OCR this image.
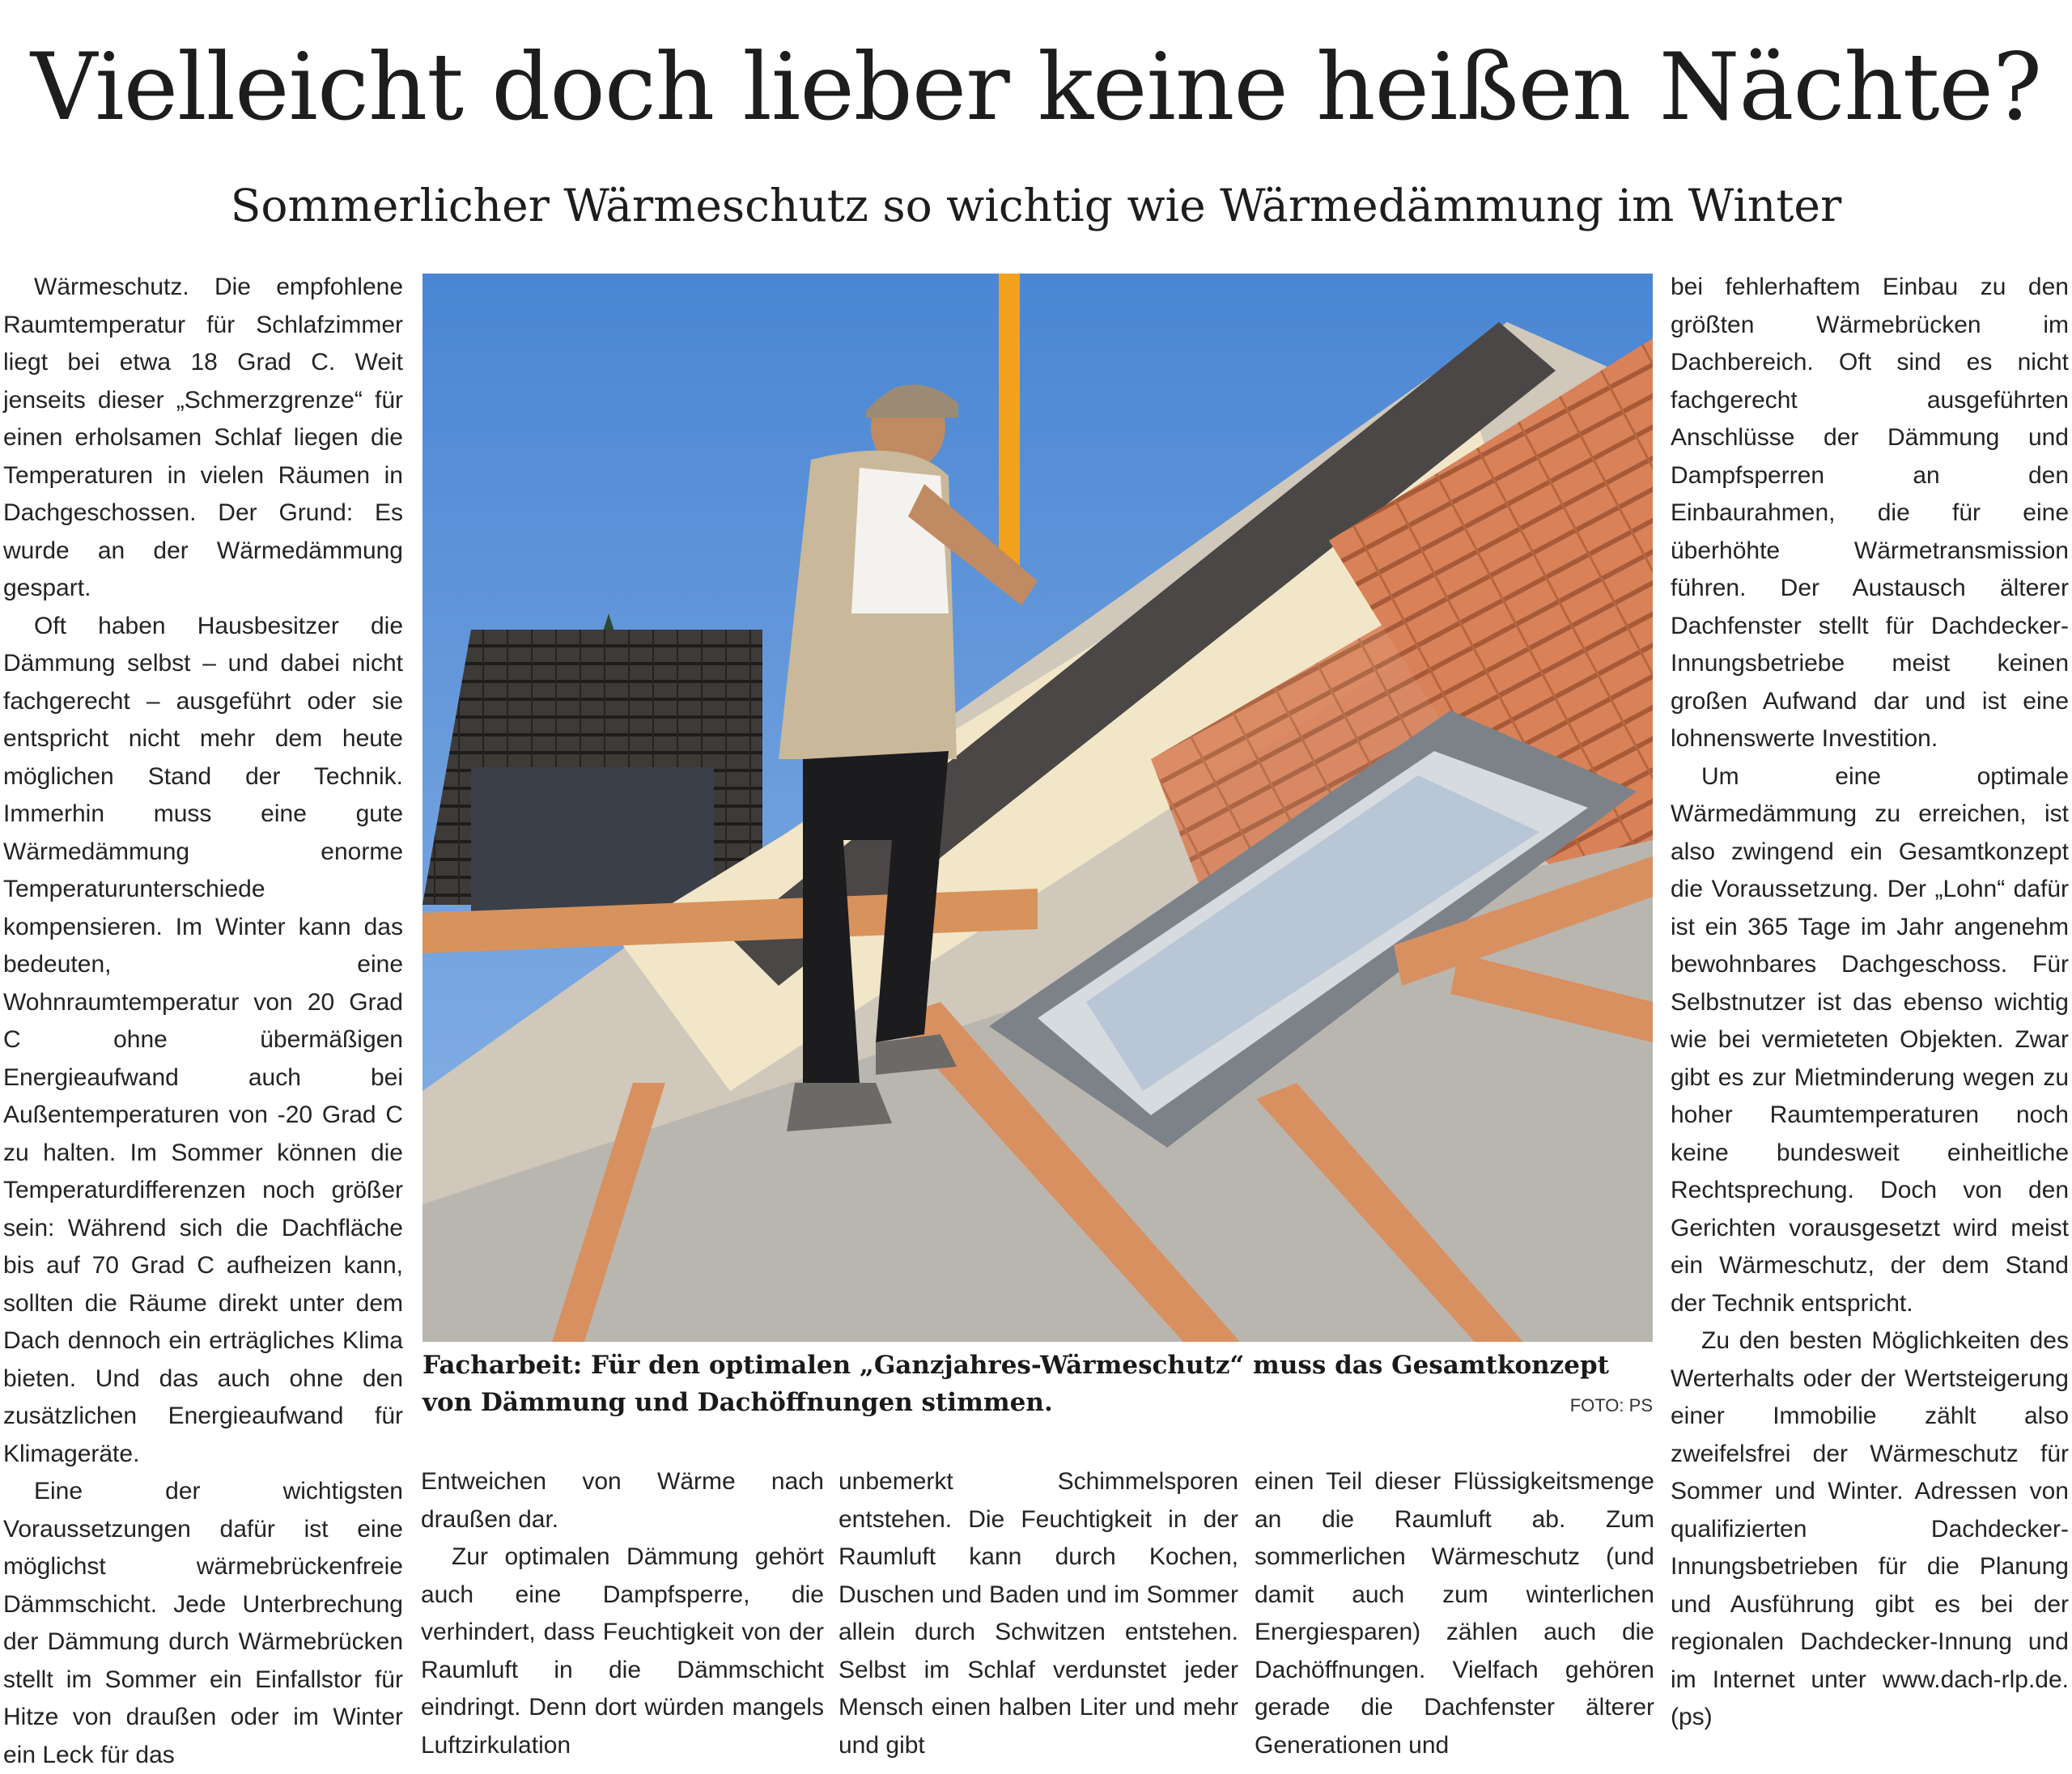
Vielleicht doch lieber keine heißen Nächte?
Sommerlicher Wärmeschutz so wichtig wie Wärmedämmung im Winter

Wärmeschutz. Die empfohlene Raumtemperatur für Schlafzimmer liegt bei etwa 18 Grad C. Weit jenseits dieser „Schmerzgrenze“ für einen erholsamen Schlaf liegen die Temperaturen in vielen Räumen in Dachgeschossen. Der Grund: Es wurde an der Wärmedämmung gespart.

Oft haben Hausbesitzer die Dämmung selbst – und dabei nicht fachgerecht – ausgeführt oder sie entspricht nicht mehr dem heute möglichen Stand der Technik. Immerhin muss eine gute Wärmedämmung enorme Temperaturunterschiede kompensieren. Im Winter kann das bedeuten, eine Wohnraumtemperatur von 20 Grad C ohne übermäßigen Energieaufwand auch bei Außentemperaturen von -20 Grad C zu halten. Im Sommer können die Temperaturdifferenzen noch größer sein: Während sich die Dachfläche bis auf 70 Grad C aufheizen kann, sollten die Räume direkt unter dem Dach dennoch ein erträgliches Klima bieten. Und das auch ohne den zusätzlichen Energieaufwand für Klimageräte.

Eine der wichtigsten Voraussetzungen dafür ist eine möglichst wärmebrückenfreie Dämmschicht. Jede Unterbrechung der Dämmung durch Wärmebrücken stellt im Sommer ein Einfallstor für Hitze von draußen oder im Winter ein Leck für das

Facharbeit: Für den optimalen „Ganzjahres-Wärmeschutz“ muss das Gesamtkonzept von Dämmung und Dachöffnungen stimmen.	FOTO: PS

Entweichen von Wärme nach draußen dar.

Zur optimalen Dämmung gehört auch eine Dampfsperre, die verhindert, dass Feuchtigkeit von der Raumluft in die Dämmschicht eindringt. Denn dort würden mangels Luftzirkulation

unbemerkt Schimmelsporen entstehen. Die Feuchtigkeit in der Raumluft kann durch Kochen, Duschen und Baden und im Sommer allein durch Schwitzen entstehen. Selbst im Schlaf verdunstet jeder Mensch einen halben Liter und mehr und gibt

einen Teil dieser Flüssigkeitsmenge an die Raumluft ab. Zum sommerlichen Wärmeschutz (und damit auch zum winterlichen Energiesparen) zählen auch die Dachöffnungen. Vielfach gehören gerade die Dachfenster älterer Generationen und

bei fehlerhaftem Einbau zu den größten Wärmebrücken im Dachbereich. Oft sind es nicht fachgerecht ausgeführten Anschlüsse der Dämmung und Dampfsperren an den Einbaurahmen, die für eine überhöhte Wärmetransmission führen. Der Austausch älterer Dachfenster stellt für Dachdecker-Innungsbetriebe meist keinen großen Aufwand dar und ist eine lohnenswerte Investition.

Um eine optimale Wärmedämmung zu erreichen, ist also zwingend ein Gesamtkonzept die Voraussetzung. Der „Lohn“ dafür ist ein 365 Tage im Jahr angenehm bewohnbares Dachgeschoss. Für Selbstnutzer ist das ebenso wichtig wie bei vermieteten Objekten. Zwar gibt es zur Mietminderung wegen zu hoher Raumtemperaturen noch keine bundesweit einheitliche Rechtsprechung. Doch von den Gerichten vorausgesetzt wird meist ein Wärmeschutz, der dem Stand der Technik entspricht.

Zu den besten Möglichkeiten des Werterhalts oder der Wertsteigerung einer Immobilie zählt also zweifelsfrei der Wärmeschutz für Sommer und Winter. Adressen von qualifizierten Dachdecker-Innungsbetrieben für die Planung und Ausführung gibt es bei der regionalen Dachdecker-Innung und im Internet unter www.dach-rlp.de. (ps)
